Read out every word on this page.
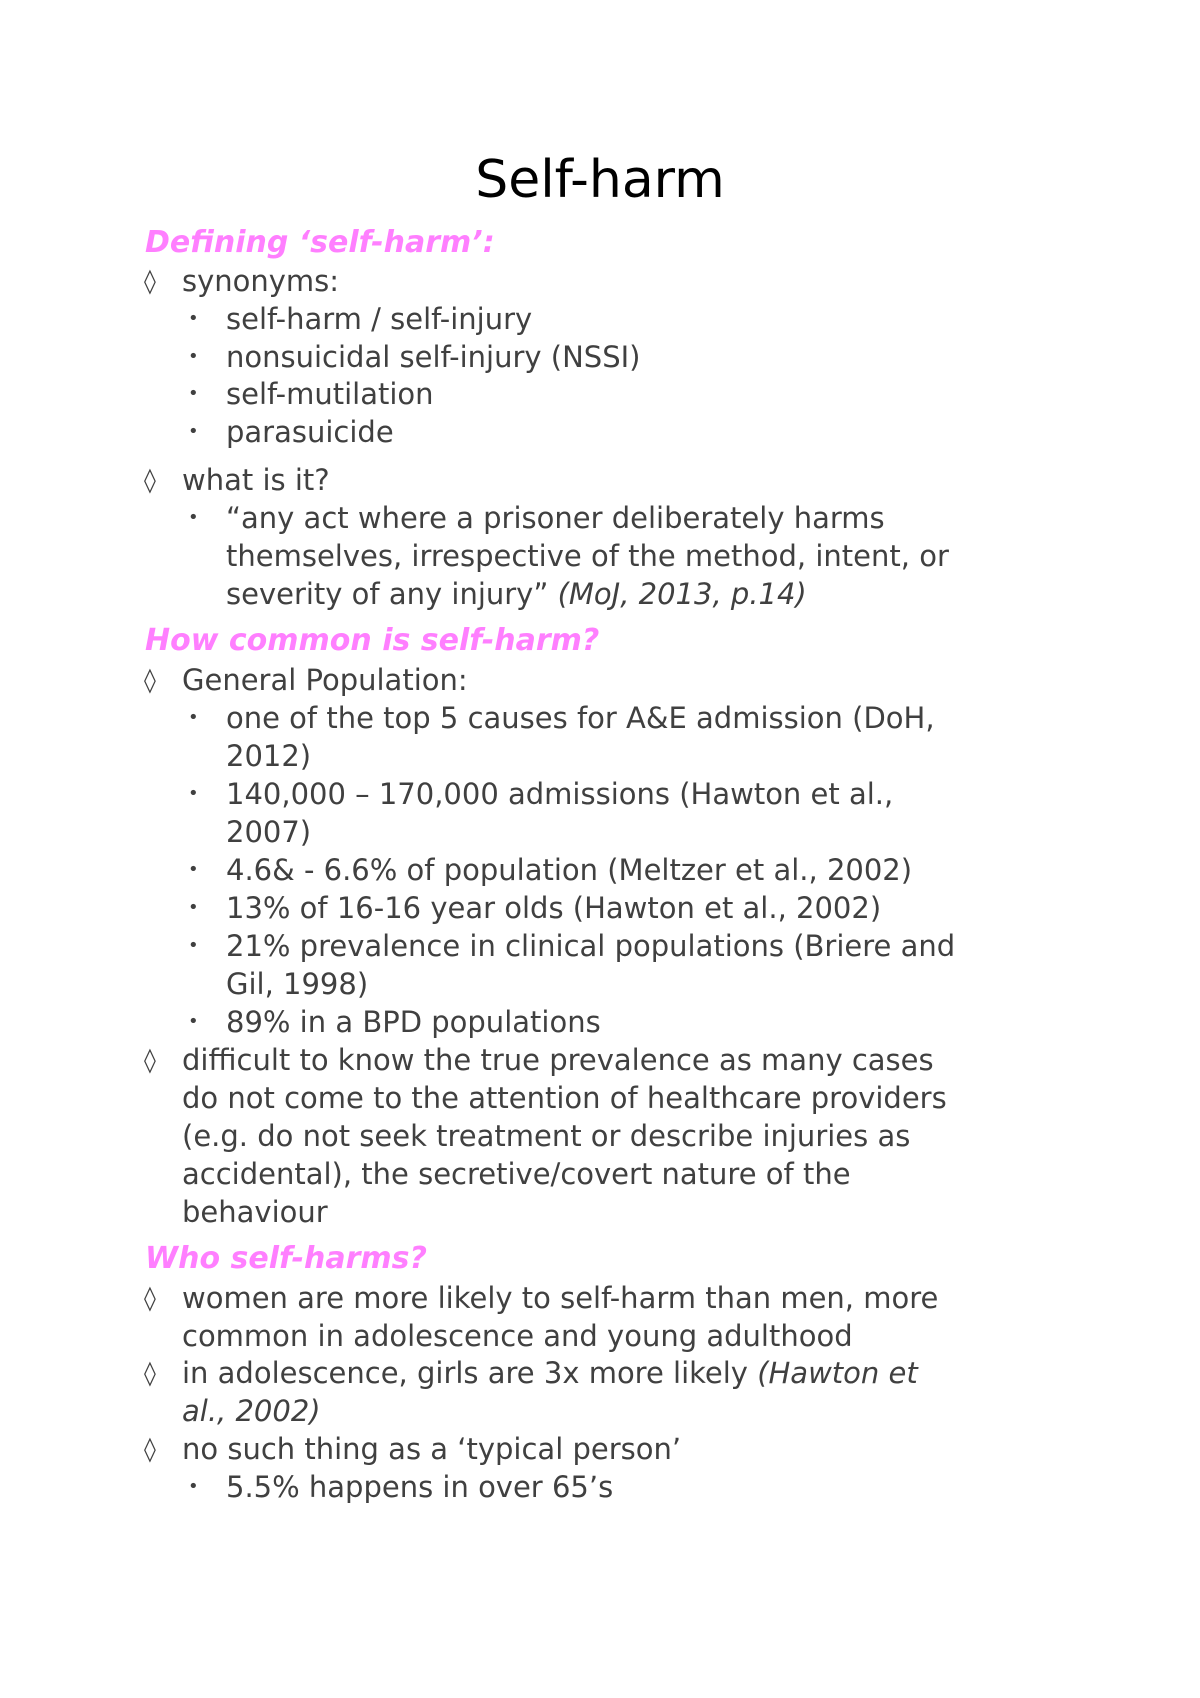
Self-harm
Defining ‘self-harm’:
◊ synonyms:
• self-harm / self-injury
• nonsuicidal self-injury (NSSI)
• self-mutilation
• parasuicide
◊ what is it?
• “any act where a prisoner deliberately harms
themselves, irrespective of the method, intent, or
severity of any injury” (MoJ, 2013, p.14)
How common is self-harm?
◊ General Population:
• one of the top 5 causes for A&E admission (DoH,
2012)
• 140,000 – 170,000 admissions (Hawton et al.,
2007)
• 4.6& - 6.6% of population (Meltzer et al., 2002)
• 13% of 16-16 year olds (Hawton et al., 2002)
• 21% prevalence in clinical populations (Briere and
Gil, 1998)
• 89% in a BPD populations
◊ difficult to know the true prevalence as many cases
do not come to the attention of healthcare providers
(e.g. do not seek treatment or describe injuries as
accidental), the secretive/covert nature of the
behaviour
Who self-harms?
◊ women are more likely to self-harm than men, more
common in adolescence and young adulthood
◊ in adolescence, girls are 3x more likely (Hawton et
al., 2002)
◊ no such thing as a ‘typical person’
• 5.5% happens in over 65’s
